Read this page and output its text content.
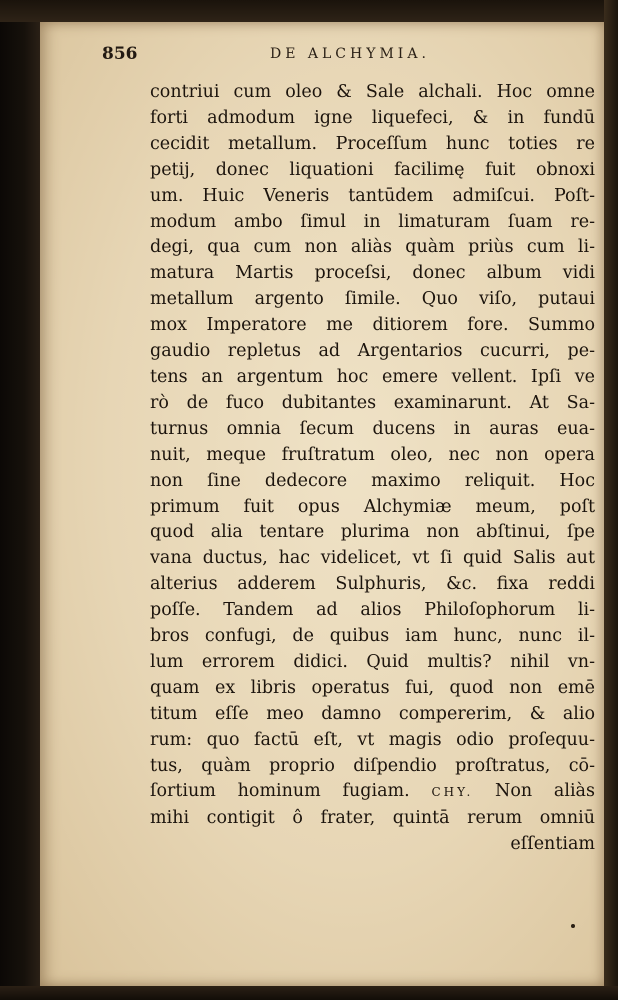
856	DE ALCHYMIA.
contriui cum oleo & Sale alchali. Hoc omne
forti admodum igne liquefeci, & in fundū
cecidit metallum. Proceſſum hunc toties re
petij, donec liquationi facilimę fuit obnoxi
um. Huic Veneris tantūdem admiſcui. Poſt-
modum ambo ſimul in limaturam ſuam re-
degi, qua cum non aliàs quàm priùs cum li-
matura Martis proceſsi, donec album vidi
metallum argento ſimile. Quo viſo, putaui
mox Imperatore me ditiorem fore. Summo
gaudio repletus ad Argentarios cucurri, pe-
tens an argentum hoc emere vellent. Ipſi ve
rò de fuco dubitantes examinarunt. At Sa-
turnus omnia ſecum ducens in auras eua-
nuit, meque fruſtratum oleo, nec non opera
non ſine dedecore maximo reliquit. Hoc
primum fuit opus Alchymiæ meum, poſt
quod alia tentare plurima non abſtinui, ſpe
vana ductus, hac videlicet, vt ſi quid Salis aut
alterius adderem Sulphuris, &c. fixa reddi
poſſe. Tandem ad alios Philoſophorum li-
bros confugi, de quibus iam hunc, nunc il-
lum errorem didici. Quid multis? nihil vn-
quam ex libris operatus fui, quod non emē
titum eſſe meo damno compererim, & alio
rum: quo factū eſt, vt magis odio proſequu-
tus, quàm proprio diſpendio proſtratus, cō-
ſortium hominum fugiam. CHY. Non aliàs
mihi contigit ô frater, quintā rerum omniū
eſſentiam
